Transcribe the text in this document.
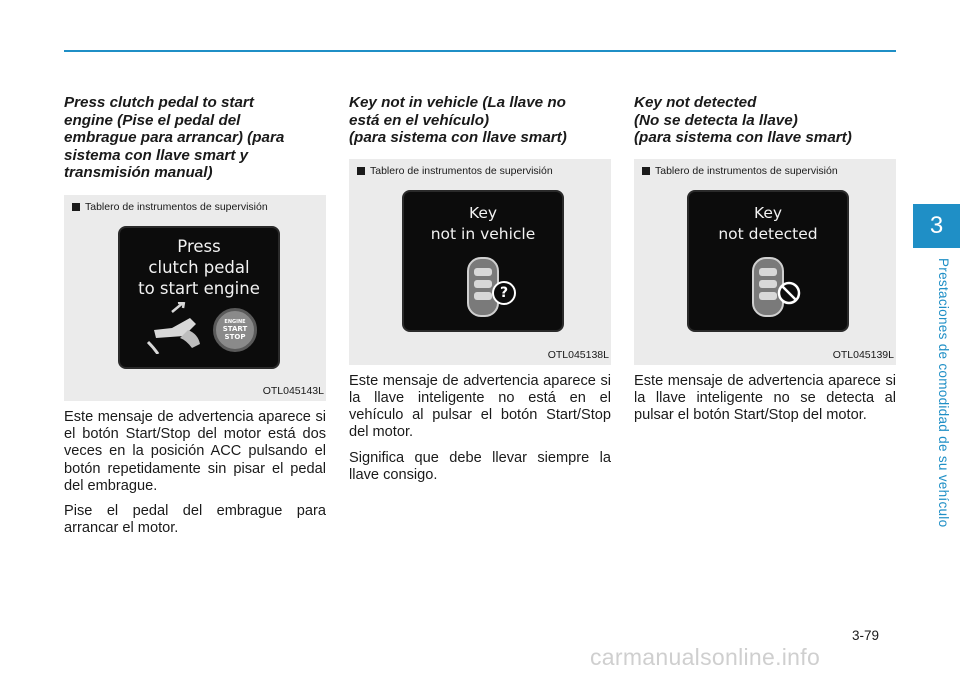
3
Prestaciones de comodidad de su vehículo
Press clutch pedal to start
engine (Pise el pedal del
embrague para arrancar) (para
sistema con llave smart y
transmisión manual)
Tablero de instrumentos de supervisión
Press
clutch pedal
to start engine
ENGINE
START
STOP
OTL045143L

Este mensaje de advertencia aparece si el botón Start/Stop del motor está dos veces en la posición ACC pulsando el botón repetidamente sin pisar el pedal del embrague.

Pise el pedal del embrague para arrancar el motor.

Key not in vehicle (La llave no
está en el vehículo)
(para sistema con llave smart)
Tablero de instrumentos de supervisión
Key
not in vehicle
?
OTL045138L

Este mensaje de advertencia aparece si la llave inteligente no está en el vehículo al pulsar el botón Start/Stop del motor.

Significa que debe llevar siempre la llave consigo.

Key not detected
(No se detecta la llave)
(para sistema con llave smart)
Tablero de instrumentos de supervisión
Key
not detected
OTL045139L

Este mensaje de advertencia aparece si la llave inteligente no se detecta al pulsar el botón Start/Stop del motor.

3-79
carmanualsonline.info
